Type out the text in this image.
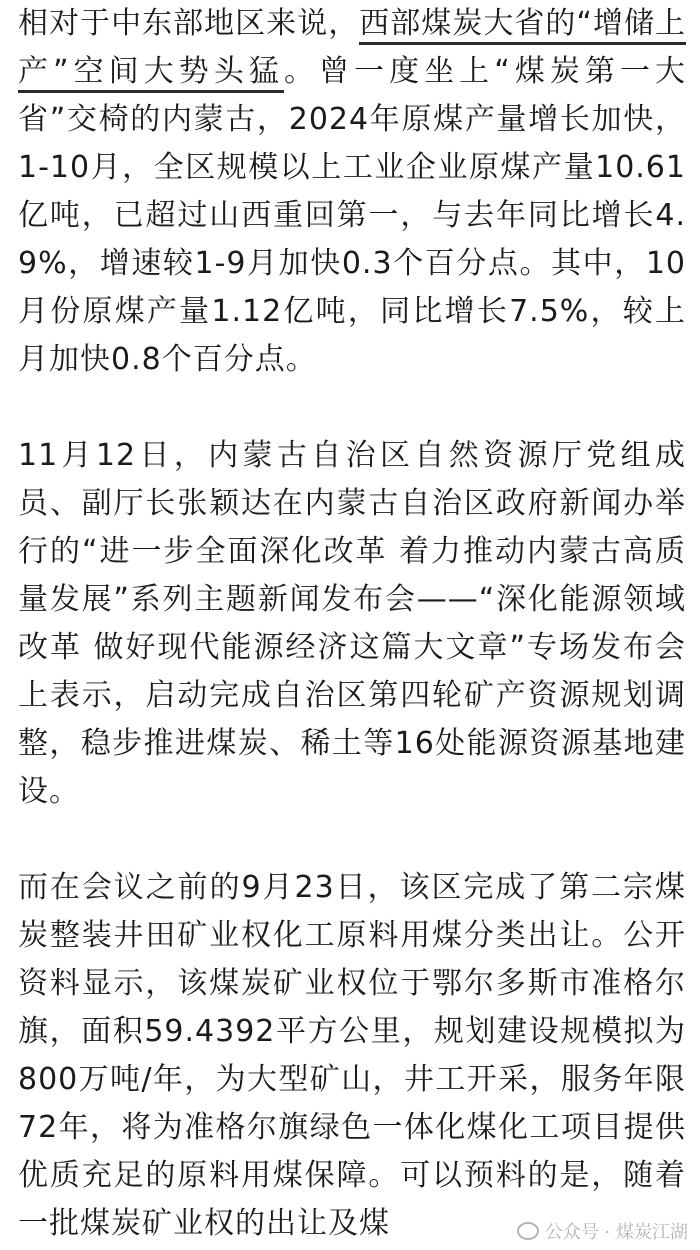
相对于中东部地区来说，西部煤炭大省的“增储上产”空间大势头猛。曾一度坐上“煤炭第一大省”交椅的内蒙古，2024年原煤产量增长加快，1-10月，全区规模以上工业企业原煤产量10.61亿吨，已超过山西重回第一，与去年同比增长4.9%，增速较1-9月加快0.3个百分点。其中，10月份原煤产量1.12亿吨，同比增长7.5%，较上月加快0.8个百分点。

11月12日，内蒙古自治区自然资源厅党组成员、副厅长张颖达在内蒙古自治区政府新闻办举行的“进一步全面深化改革 着力推动内蒙古高质量发展”系列主题新闻发布会——“深化能源领域改革 做好现代能源经济这篇大文章”专场发布会上表示，启动完成自治区第四轮矿产资源规划调整，稳步推进煤炭、稀土等16处能源资源基地建设。

而在会议之前的9月23日，该区完成了第二宗煤炭整装井田矿业权化工原料用煤分类出让。公开资料显示，该煤炭矿业权位于鄂尔多斯市准格尔旗，面积59.4392平方公里，规划建设规模拟为800万吨/年，为大型矿山，井工开采，服务年限72年，将为准格尔旗绿色一体化煤化工项目提供优质充足的原料用煤保障。可以预料的是，随着一批煤炭矿业权的出让及煤	公众号 · 煤炭江湖
